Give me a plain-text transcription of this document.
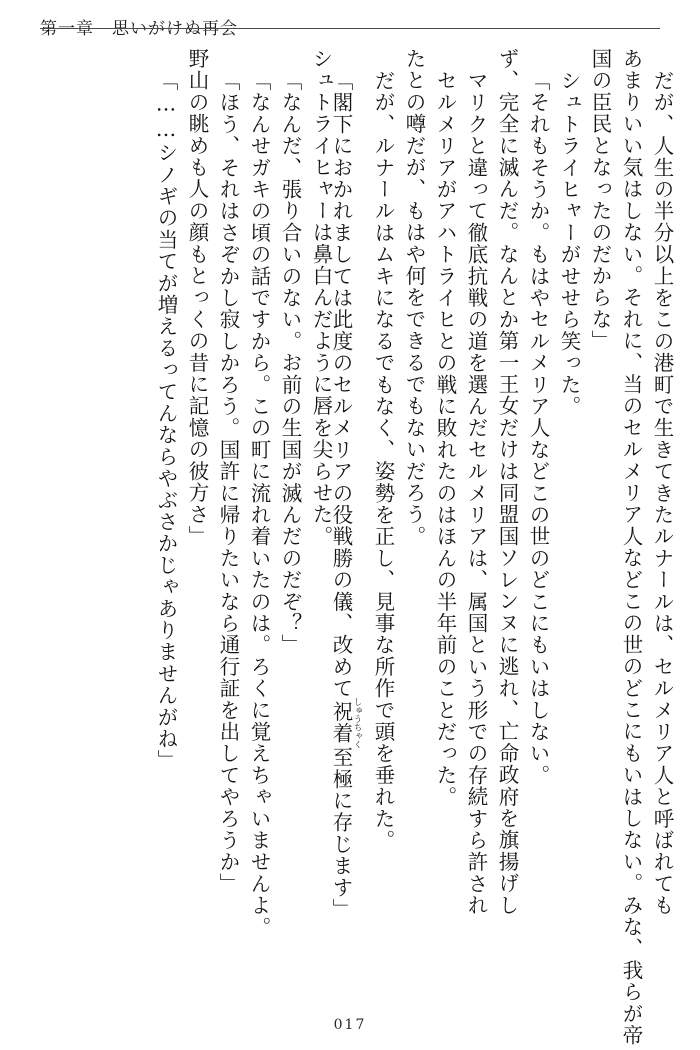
第一章　思いがけぬ再会
だが、人生の半分以上をこの港町で生きてきたルナールは、セルメリア人と呼ばれても
あまりいい気はしない。それに、当のセルメリア人などこの世のどこにもいはしない。みな、我らが帝
国の臣民となったのだからな」
シュトライヒャーがせせら笑った。
「それもそうか。もはやセルメリア人などこの世のどこにもいはしない。
ず、完全に滅んだ。なんとか第一王女だけは同盟国ソレンヌに逃れ、亡命政府を旗揚げし
マリクと違って徹底抗戦の道を選んだセルメリアは、属国という形での存続すら許され
セルメリアがアハトライヒとの戦に敗れたのはほんの半年前のことだった。
たとの噂だが、もはや何をできるでもないだろう。
だが、ルナールはムキになるでもなく、姿勢を正し、見事な所作で頭を垂れた。
「閣下におかれましては此度のセルメリアの役戦勝の儀、改めて祝着 しゅうちゃく至極に存じます」
シュトライヒャーは鼻白んだように唇を尖らせた。
「なんだ、張り合いのない。お前の生国が滅んだのだぞ？」
「なんせガキの頃の話ですから。この町に流れ着いたのは。ろくに覚えちゃいませんよ。
「ほう、それはさぞかし寂しかろう。国許に帰りたいなら通行証を出してやろうか」
野山の眺めも人の顔もとっくの昔に記憶の彼方さ」
「……シノギの当てが増えるってんならやぶさかじゃありませんがね」
017
